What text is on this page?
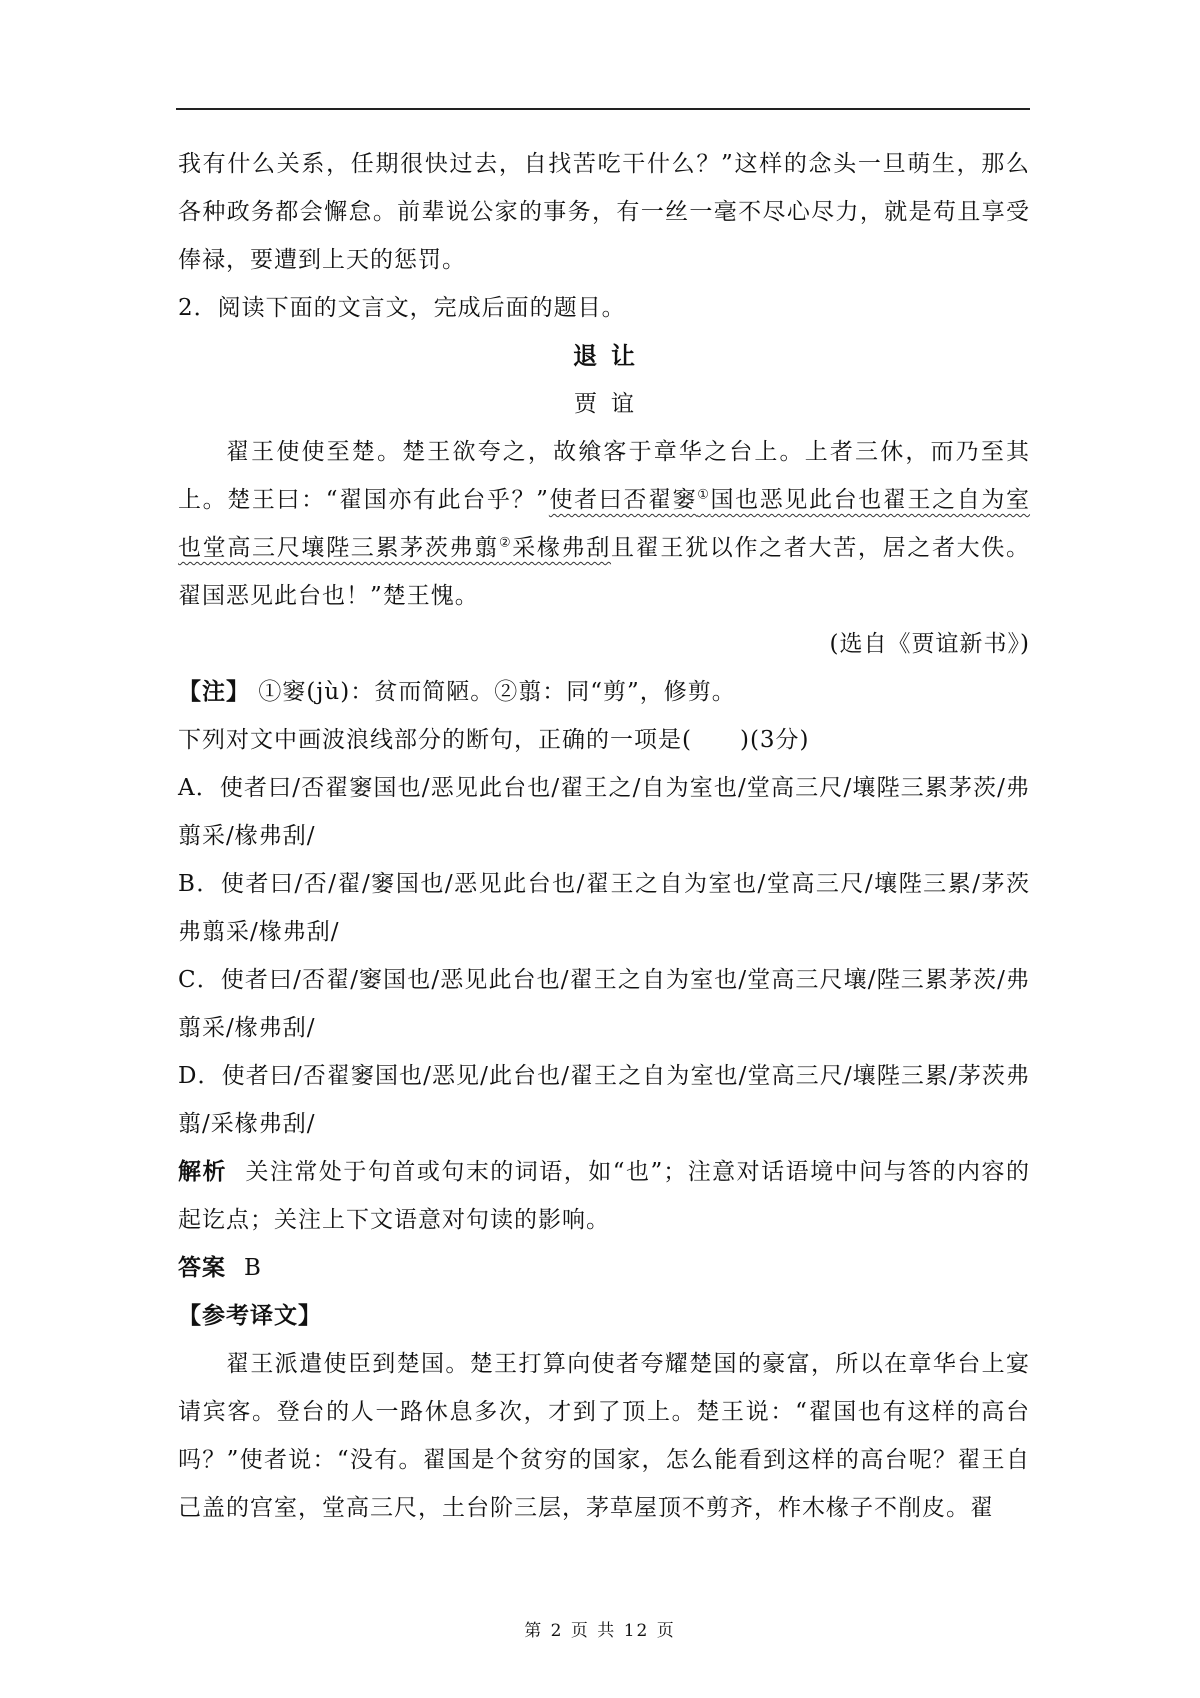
我有什么关系，任期很快过去，自找苦吃干什么？”这样的念头一旦萌生，那么各种政务都会懈怠。前辈说公家的事务，有一丝一毫不尽心尽力，就是苟且享受俸禄，要遭到上天的惩罚。

2．阅读下面的文言文，完成后面的题目。

退让

贾谊

翟王使使至楚。楚王欲夸之，故飨客于章华之台上。上者三休，而乃至其上。楚王曰：“翟国亦有此台乎？”使者曰否翟窭①国也恶见此台也翟王之自为室也堂高三尺壤陛三累茅茨弗翦②采椽弗刮且翟王犹以作之者大苦，居之者大佚。翟国恶见此台也！”楚王愧。

(选自《贾谊新书》)

【注】 ①窭(jù)：贫而简陋。②翦：同“剪”，修剪。

下列对文中画波浪线部分的断句，正确的一项是(　　)(3分)

A．使者曰/否翟窭国也/恶见此台也/翟王之/自为室也/堂高三尺/壤陛三累茅茨/弗翦采/椽弗刮/

B．使者曰/否/翟/窭国也/恶见此台也/翟王之自为室也/堂高三尺/壤陛三累/茅茨弗翦采/椽弗刮/

C．使者曰/否翟/窭国也/恶见此台也/翟王之自为室也/堂高三尺壤/陛三累茅茨/弗翦采/椽弗刮/

D．使者曰/否翟窭国也/恶见/此台也/翟王之自为室也/堂高三尺/壤陛三累/茅茨弗翦/采椽弗刮/

解析 关注常处于句首或句末的词语，如“也”；注意对话语境中问与答的内容的起讫点；关注上下文语意对句读的影响。

答案 B

【参考译文】

翟王派遣使臣到楚国。楚王打算向使者夸耀楚国的豪富，所以在章华台上宴请宾客。登台的人一路休息多次，才到了顶上。楚王说：“翟国也有这样的高台吗？”使者说：“没有。翟国是个贫穷的国家，怎么能看到这样的高台呢？翟王自己盖的宫室，堂高三尺，土台阶三层，茅草屋顶不剪齐，柞木椽子不削皮。翟

第 2 页 共 12 页
